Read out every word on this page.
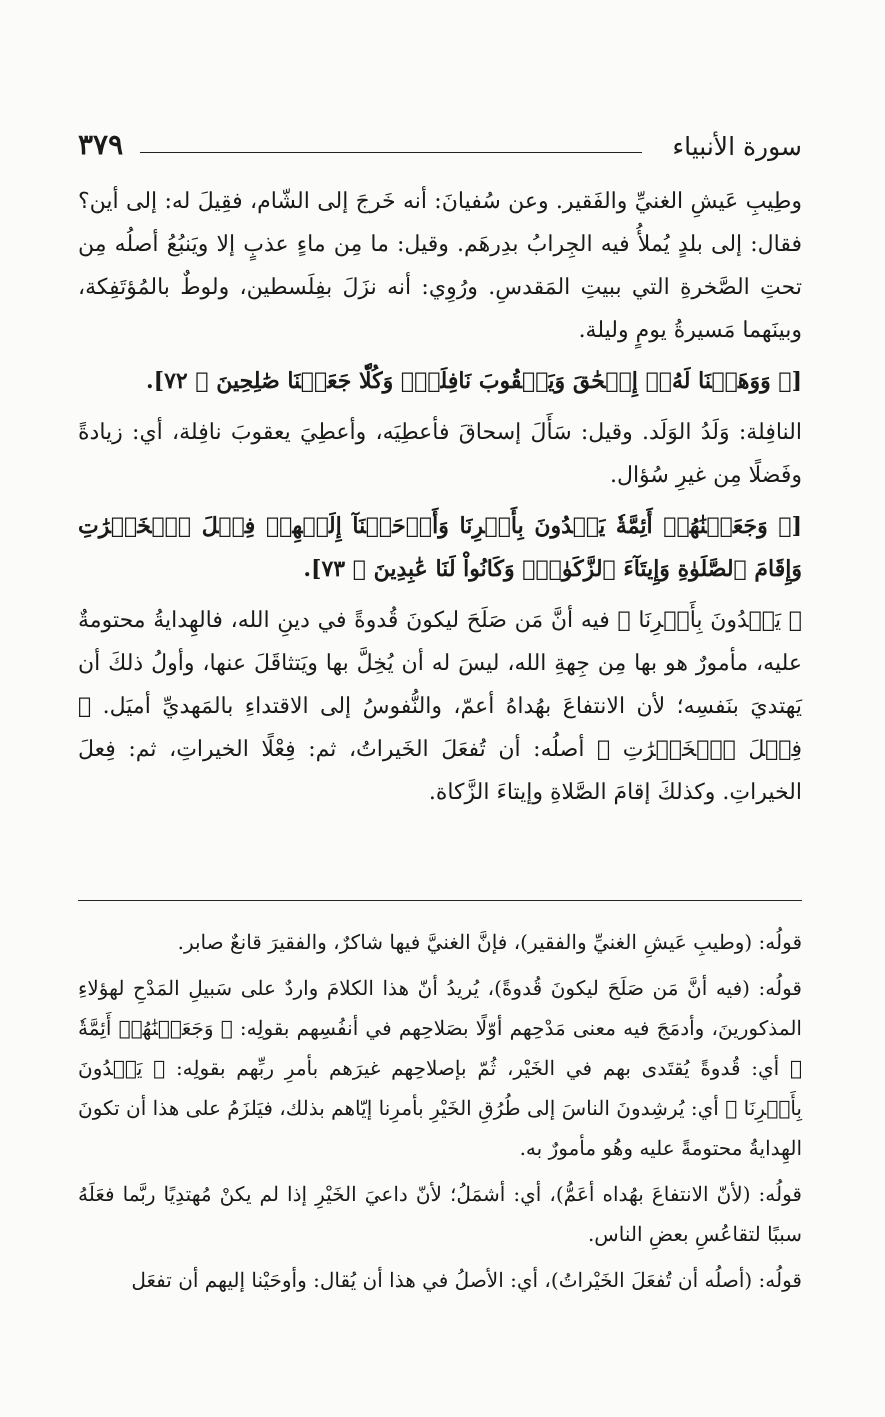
سورة الأنبياء
٣٧٩

وطِيبِ عَيشِ الغنيِّ والفَقير. وعن سُفيانَ: أنه خَرجَ إلى الشّام، فقِيلَ له: إلى أين؟ فقال: إلى بلدٍ يُملأُ فيه الجِرابُ بدِرهَم. وقيل: ما مِن ماءٍ عذبٍ إلا ويَنبُعُ أصلُه مِن تحتِ الصَّخرةِ التي ببيتِ المَقدسِ. ورُوِي: أنه نزَلَ بفِلَسطين، ولوطٌ بالمُؤتَفِكة، وبينَهما مَسيرةُ يومٍ وليلة.

[﴿ وَوَهَبۡنَا لَهُۥٓ إِسۡحَٰقَ وَيَعۡقُوبَ نَافِلَةٗۖ وَكُلّٗا جَعَلۡنَا صَٰلِحِينَ ﴾ ٧٢].

النافِلة: وَلَدُ الوَلَد. وقيل: سَأَلَ إسحاقَ فأعطِيَه، وأعطِيَ يعقوبَ نافِلة، أي: زيادةً وفَضلًا مِن غيرِ سُؤال.

[﴿ وَجَعَلۡنَٰهُمۡ أَئِمَّةٗ يَهۡدُونَ بِأَمۡرِنَا وَأَوۡحَيۡنَآ إِلَيۡهِمۡ فِعۡلَ ٱلۡخَيۡرَٰتِ وَإِقَامَ ٱلصَّلَوٰةِ وَإِيتَآءَ ٱلزَّكَوٰةِۖ وَكَانُواْ لَنَا عَٰبِدِينَ ﴾ ٧٣].

﴿ يَهۡدُونَ بِأَمۡرِنَا ﴾ فيه أنَّ مَن صَلَحَ ليكونَ قُدوةً في دينِ الله، فالهِدايةُ محتومةٌ عليه، مأمورٌ هو بها مِن جِهةِ الله، ليسَ له أن يُخِلَّ بها ويَتثاقَلَ عنها، وأولُ ذلكَ أن يَهتديَ بنَفسِه؛ لأن الانتفاعَ بهُداهُ أعمّ، والنُّفوسُ إلى الاقتداءِ بالمَهديِّ أميَل. ﴿ فِعۡلَ ٱلۡخَيۡرَٰتِ ﴾ أصلُه: أن تُفعَلَ الخَيراتُ، ثم: فِعْلًا الخيراتِ، ثم: فِعلَ الخيراتِ. وكذلكَ إقامَ الصَّلاةِ وإيتاءَ الزَّكاة.

قولُه: (وطيبِ عَيشِ الغنيِّ والفقير)، فإنَّ الغنيَّ فيها شاكرٌ، والفقيرَ قانعٌ صابر.

قولُه: (فيه أنَّ مَن صَلَحَ ليكونَ قُدوةً)، يُريدُ أنّ هذا الكلامَ واردٌ على سَبيلِ المَدْحِ لهؤلاءِ المذكورينَ، وأدمَجَ فيه معنى مَدْحِهم أوّلًا بصَلاحِهم في أنفُسِهم بقولِه: ﴿ وَجَعَلۡنَٰهُمۡ أَئِمَّةٗ ﴾ أي: قُدوةً يُقتَدى بهم في الخَيْر، ثُمّ بإصلاحِهم غيرَهم بأمرِ ربِّهم بقولِه: ﴿ يَهۡدُونَ بِأَمۡرِنَا ﴾ أي: يُرشِدونَ الناسَ إلى طُرُقِ الخَيْرِ بأمرِنا إيّاهم بذلك، فيَلزَمُ على هذا أن تكونَ الهِدايةُ محتومةً عليه وهُو مأمورٌ به.

قولُه: (لأنّ الانتفاعَ بهُداه أعَمُّ)، أي: أشمَلُ؛ لأنّ داعيَ الخَيْرِ إذا لم يكنْ مُهتدِيًا ربَّما فعَلَهُ سببًا لتقاعُسِ بعضِ الناس.

قولُه: (أصلُه أن تُفعَلَ الخَيْراتُ)، أي: الأصلُ في هذا أن يُقال: وأوحَيْنا إليهم أن تفعَل
